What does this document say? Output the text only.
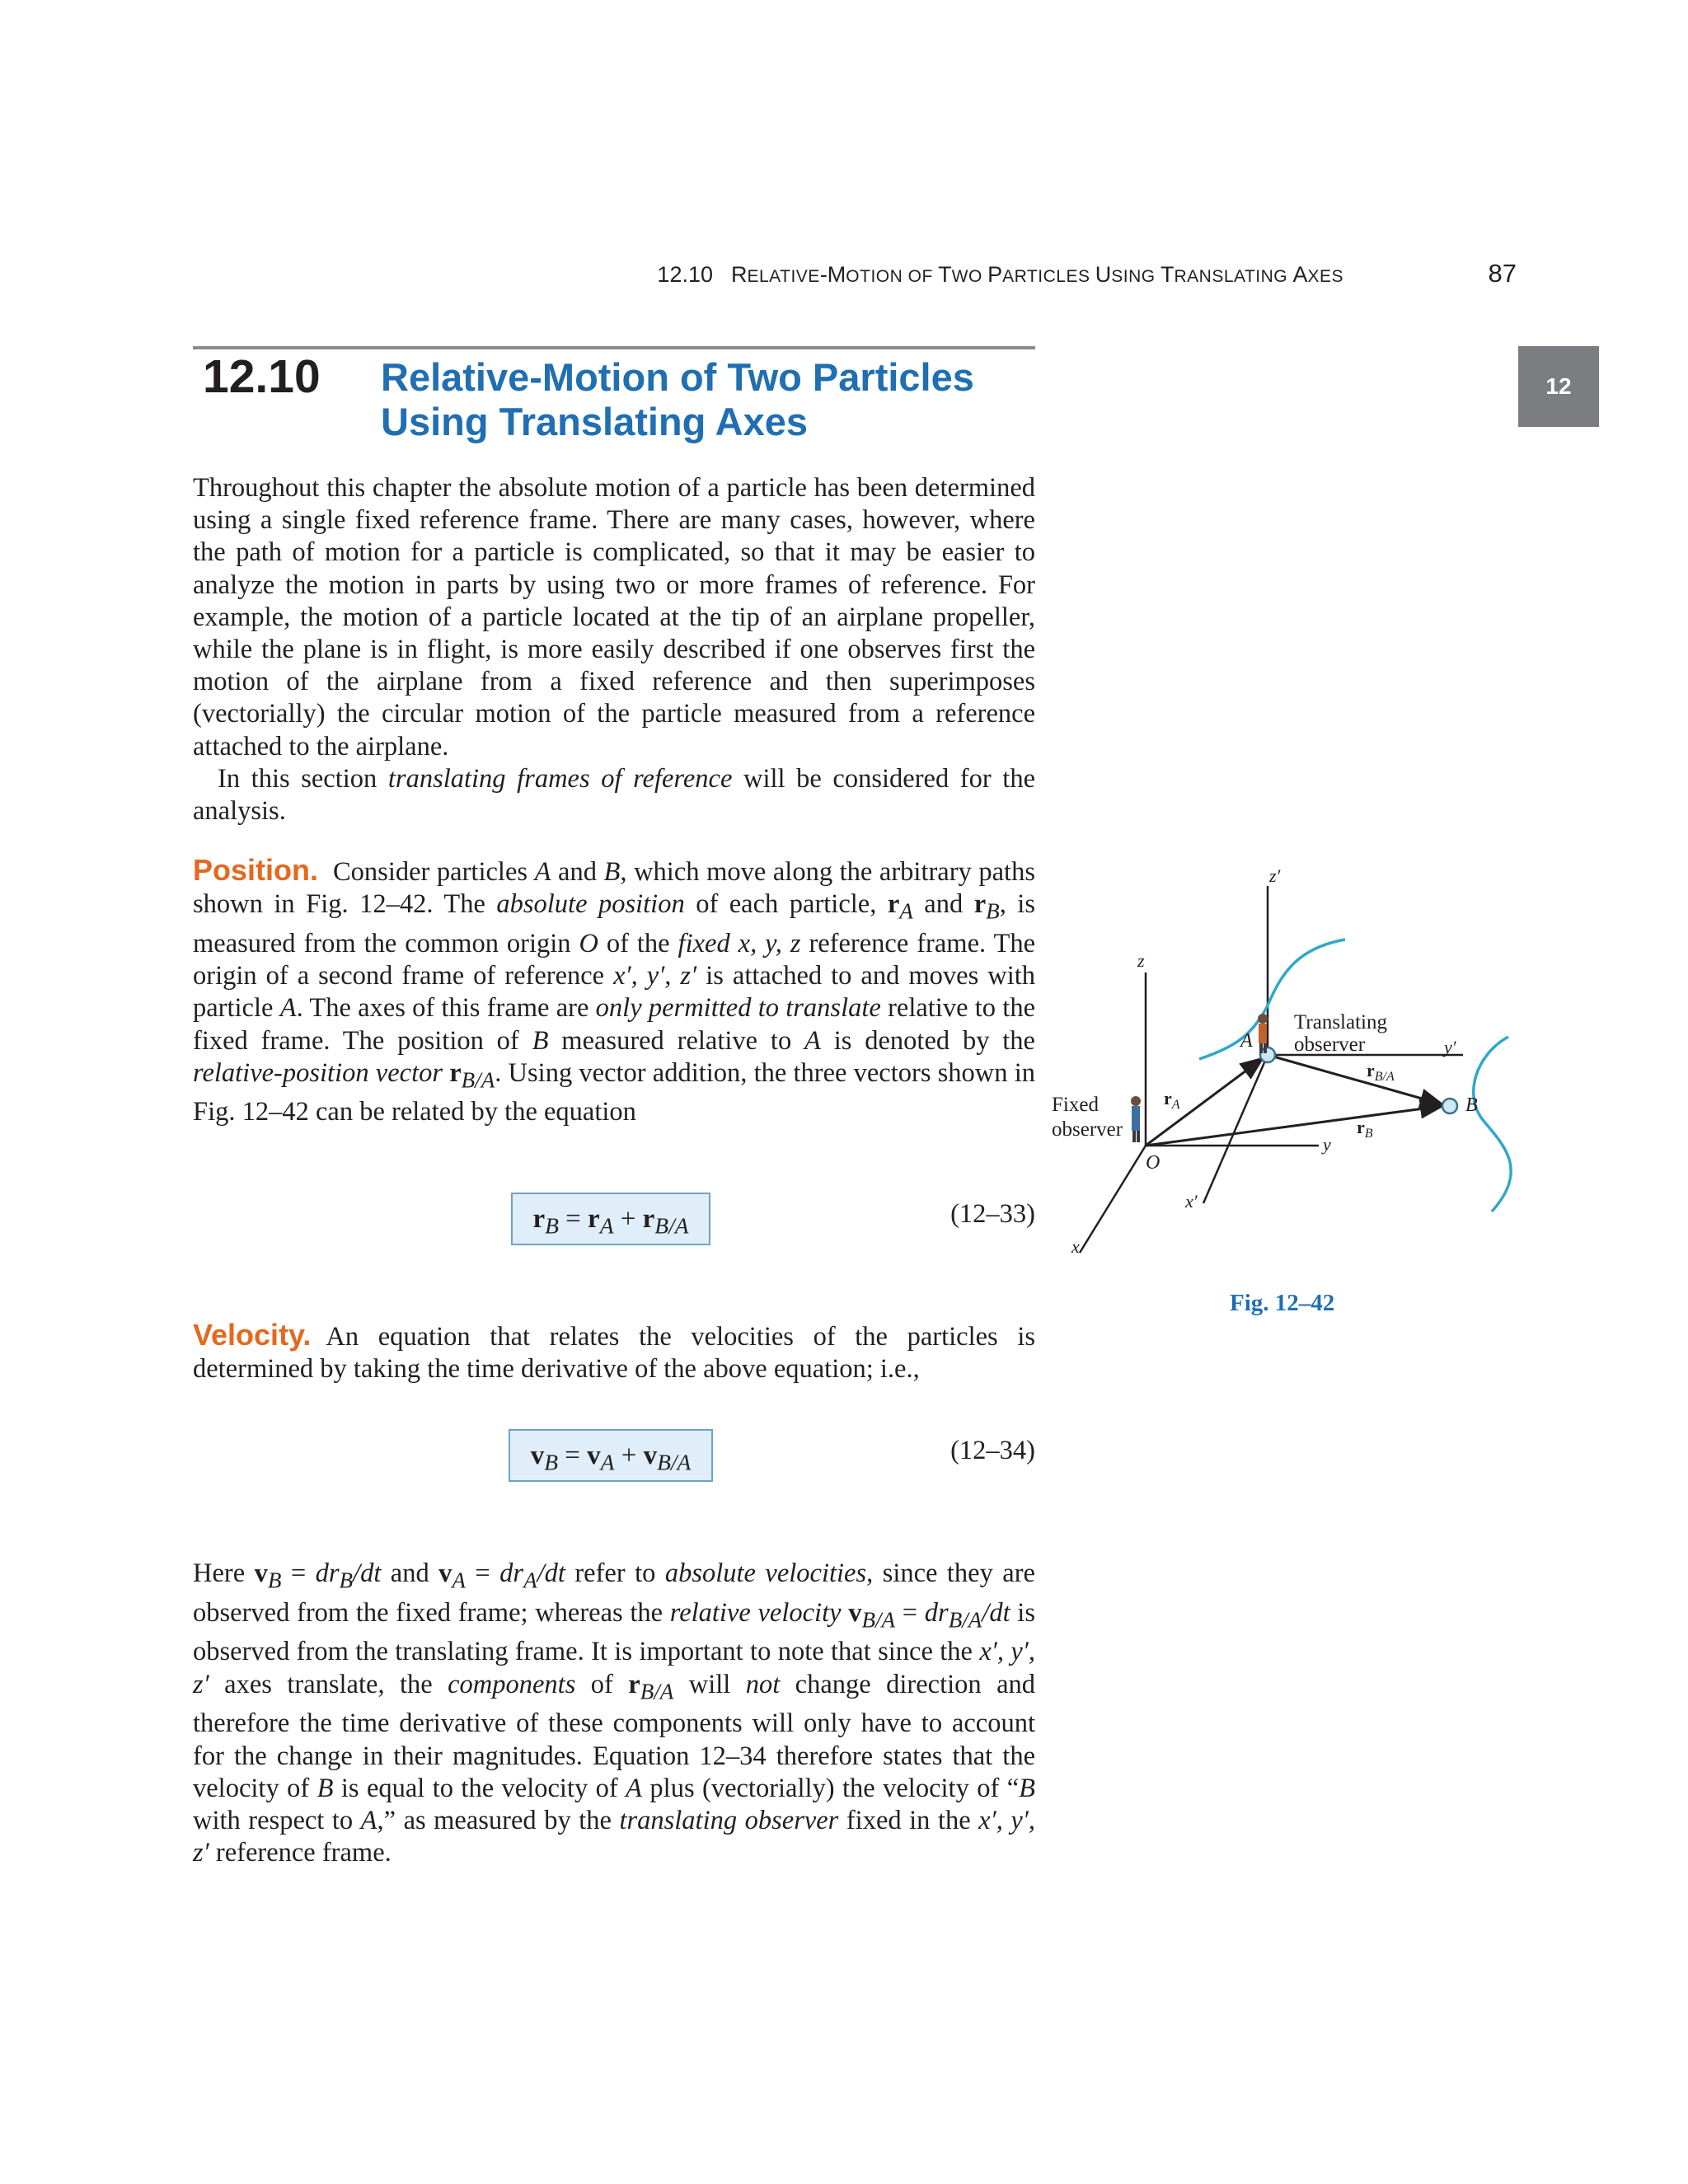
12.10 RELATIVE-MOTION OF TWO PARTICLES USING TRANSLATING AXES	87
12
12.10 Relative-Motion of Two Particles
Using Translating Axes

Throughout this chapter the absolute motion of a particle has been determined using a single fixed reference frame. There are many cases, however, where the path of motion for a particle is complicated, so that it may be easier to analyze the motion in parts by using two or more frames of reference. For example, the motion of a particle located at the tip of an airplane propeller, while the plane is in flight, is more easily described if one observes first the motion of the airplane from a fixed reference and then superimposes (vectorially) the circular motion of the particle measured from a reference attached to the airplane.

In this section translating frames of reference will be considered for the analysis.

Position. Consider particles A and B, which move along the arbitrary paths shown in Fig. 12–42. The absolute position of each particle, $r_A$ and $r_B$, is measured from the common origin O of the fixed x, y, z reference frame. The origin of a second frame of reference x′, y′, z′ is attached to and moves with particle A. The axes of this frame are only permitted to translate relative to the fixed frame. The position of B measured relative to A is denoted by the relative-position vector $r_{B/A}$. Using vector addition, the three vectors shown in Fig. 12–42 can be related by the equation

$r_B = r_A + r_{B/A}$	(12–33)

Velocity. An equation that relates the velocities of the particles is determined by taking the time derivative of the above equation; i.e.,

$v_B = v_A + v_{B/A}$	(12–34)

Here $v_B = dr_B/dt$ and $v_A = dr_A/dt$ refer to absolute velocities, since they are observed from the fixed frame; whereas the relative velocity $v_{B/A} = dr_{B/A}/dt$ is observed from the translating frame. It is important to note that since the x′, y′, z′ axes translate, the components of $r_{B/A}$ will not change direction and therefore the time derivative of these components will only have to account for the change in their magnitudes. Equation 12–34 therefore states that the velocity of B is equal to the velocity of A plus (vectorially) the velocity of “B with respect to A,” as measured by the translating observer fixed in the x′, y′, z′ reference frame.

z′
z
A
Translating
observer	y′
$r_{B/A}$
B
Fixed
observer
$r_A$
$r_B$
y
O
x′
x
Fig. 12–42
